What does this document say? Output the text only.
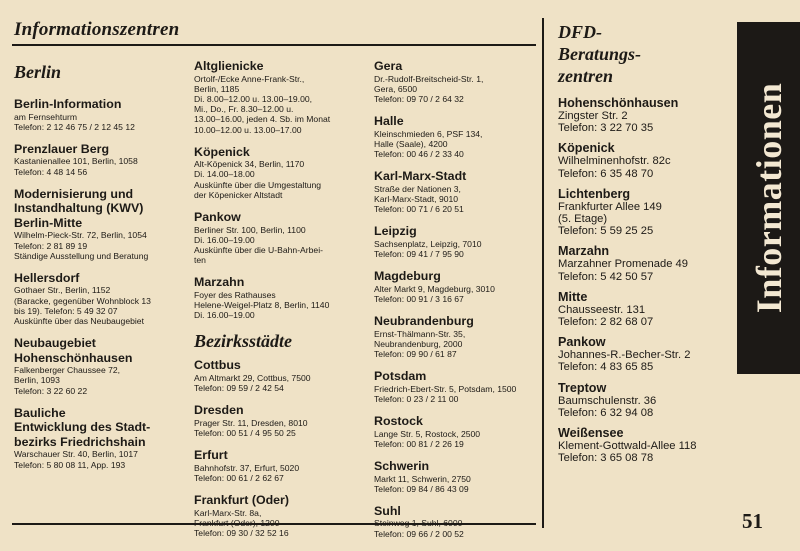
Informationszentren
Berlin
Berlin-Information
am Fernsehturm
Telefon: 2 12 46 75 / 2 12 45 12
Prenzlauer Berg
Kastanienallee 101, Berlin, 1058
Telefon: 4 48 14 56
Modernisierung und
Instandhaltung (KWV)
Berlin-Mitte
Wilhelm-Pieck-Str. 72, Berlin, 1054
Telefon: 2 81 89 19
Ständige Ausstellung und Beratung
Hellersdorf
Gothaer Str., Berlin, 1152
(Baracke, gegenüber Wohnblock 13
bis 19). Telefon: 5 49 32 07
Auskünfte über das Neubaugebiet
Neubaugebiet
Hohenschönhausen
Falkenberger Chaussee 72,
Berlin, 1093
Telefon: 3 22 60 22
Bauliche
Entwicklung des Stadt-
bezirks Friedrichshain
Warschauer Str. 40, Berlin, 1017
Telefon: 5 80 08 11, App. 193
Altglienicke
Ortolf-/Ecke Anne-Frank-Str.,
Berlin, 1185
Di. 8.00–12.00 u. 13.00–19.00,
Mi., Do., Fr. 8.30–12.00 u.
13.00–16.00, jeden 4. Sb. im Monat
10.00–12.00 u. 13.00–17.00
Köpenick
Alt-Köpenick 34, Berlin, 1170
Di. 14.00–18.00
Auskünfte über die Umgestaltung
der Köpenicker Altstadt
Pankow
Berliner Str. 100, Berlin, 1100
Di. 16.00–19.00
Auskünfte über die U-Bahn-Arbei-
ten
Marzahn
Foyer des Rathauses
Helene-Weigel-Platz 8, Berlin, 1140
Di. 16.00–19.00
Bezirksstädte
Cottbus
Am Altmarkt 29, Cottbus, 7500
Telefon: 09 59 / 2 42 54
Dresden
Prager Str. 11, Dresden, 8010
Telefon: 00 51 / 4 95 50 25
Erfurt
Bahnhofstr. 37, Erfurt, 5020
Telefon: 00 61 / 2 62 67
Frankfurt (Oder)
Karl-Marx-Str. 8a,
Telefon: 09 30 / 32 52 16
Gera
Dr.-Rudolf-Breitscheid-Str. 1,
Gera, 6500
Telefon: 09 70 / 2 64 32
Halle
Kleinschmieden 6, PSF 134,
Halle (Saale), 4200
Telefon: 00 46 / 2 33 40
Karl-Marx-Stadt
Straße der Nationen 3,
Karl-Marx-Stadt, 9010
Telefon: 00 71 / 6 20 51
Leipzig
Sachsenplatz, Leipzig, 7010
Telefon: 09 41 / 7 95 90
Magdeburg
Alter Markt 9, Magdeburg, 3010
Telefon: 00 91 / 3 16 67
Neubrandenburg
Ernst-Thälmann-Str. 35,
Neubrandenburg, 2000
Telefon: 09 90 / 61 87
Potsdam
Friedrich-Ebert-Str. 5, Potsdam, 1500
Telefon: 0 23 / 2 11 00
Rostock
Lange Str. 5, Rostock, 2500
Telefon: 00 81 / 2 26 19
Schwerin
Markt 11, Schwerin, 2750
Telefon: 09 84 / 86 43 09
Suhl
Telefon: 09 66 / 2 00 52
DFD-
Beratungs-
zentren
Hohenschönhausen
Zingster Str. 2
Telefon: 3 22 70 35
Köpenick
Wilhelminenhofstr. 82c
Telefon: 6 35 48 70
Lichtenberg
Frankfurter Allee 149
(5. Etage)
Telefon: 5 59 25 25
Marzahn
Marzahner Promenade 49
Telefon: 5 42 50 57
Mitte
Chausseestr. 131
Telefon: 2 82 68 07
Pankow
Johannes-R.-Becher-Str. 2
Telefon: 4 83 65 85
Treptow
Baumschulenstr. 36
Telefon: 6 32 94 08
Weißensee
Klement-Gottwald-Allee 118
Telefon: 3 65 08 78
Informationen
51
